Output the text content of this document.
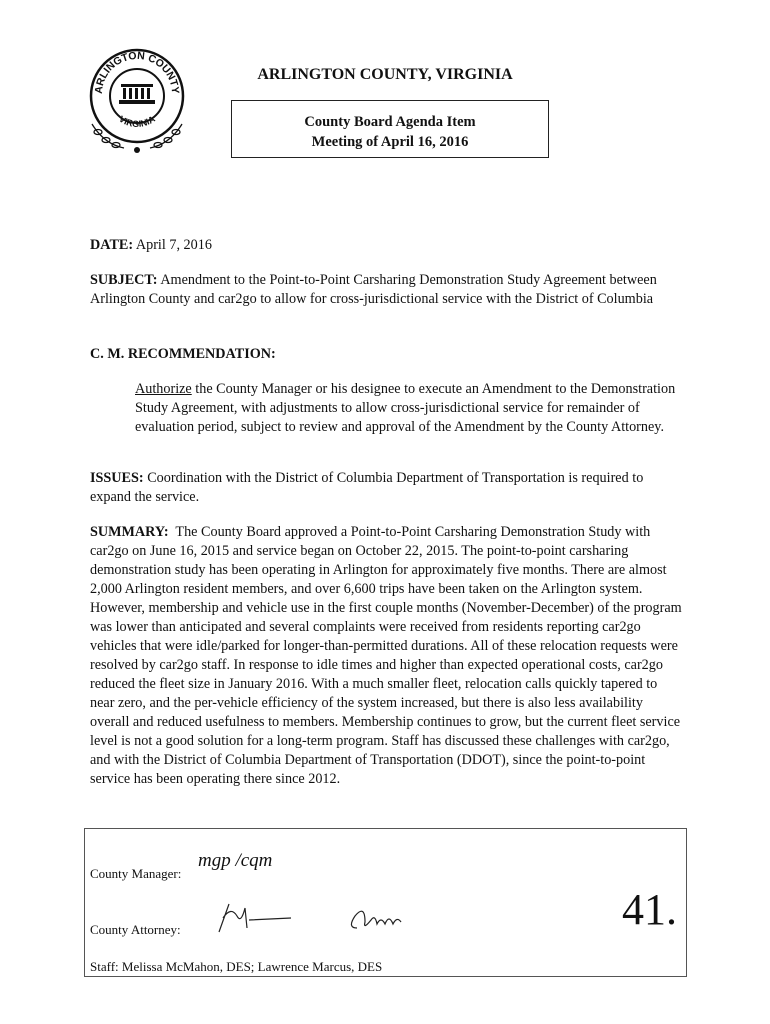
ARLINGTON COUNTY
VIRGINIA
ARLINGTON COUNTY, VIRGINIA
County Board Agenda Item
Meeting of April 16, 2016
DATE: April 7, 2016
SUBJECT: Amendment to the Point-to-Point Carsharing Demonstration Study Agreement between Arlington County and car2go to allow for cross-jurisdictional service with the District of Columbia
C. M. RECOMMENDATION:
Authorize the County Manager or his designee to execute an Amendment to the Demonstration Study Agreement, with adjustments to allow cross-jurisdictional service for remainder of evaluation period, subject to review and approval of the Amendment by the County Attorney.
ISSUES: Coordination with the District of Columbia Department of Transportation is required to expand the service.
SUMMARY: The County Board approved a Point-to-Point Carsharing Demonstration Study with car2go on June 16, 2015 and service began on October 22, 2015. The point-to-point carsharing demonstration study has been operating in Arlington for approximately five months. There are almost 2,000 Arlington resident members, and over 6,600 trips have been taken on the Arlington system. However, membership and vehicle use in the first couple months (November-December) of the program was lower than anticipated and several complaints were received from residents reporting car2go vehicles that were idle/parked for longer-than-permitted durations. All of these relocation requests were resolved by car2go staff. In response to idle times and higher than expected operational costs, car2go reduced the fleet size in January 2016. With a much smaller fleet, relocation calls quickly tapered to near zero, and the per-vehicle efficiency of the system increased, but there is also less availability overall and reduced usefulness to members. Membership continues to grow, but the current fleet service level is not a good solution for a long-term program. Staff has discussed these challenges with car2go, and with the District of Columbia Department of Transportation (DDOT), since the point-to-point service has been operating there since 2012.
County Manager:
mgp /cqm
County Attorney:	41.
Staff: Melissa McMahon, DES; Lawrence Marcus, DES
